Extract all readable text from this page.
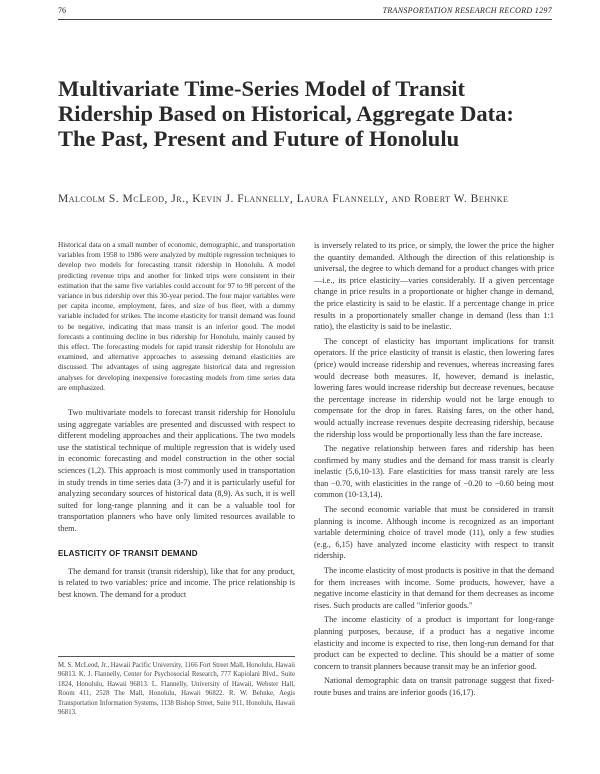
76	TRANSPORTATION RESEARCH RECORD 1297
Multivariate Time-Series Model of Transit Ridership Based on Historical, Aggregate Data: The Past, Present and Future of Honolulu

Malcolm S. McLeod, Jr., Kevin J. Flannelly, Laura Flannelly, and Robert W. Behnke

Historical data on a small number of economic, demographic, and transportation variables from 1958 to 1986 were analyzed by multiple regression techniques to develop two models for forecasting transit ridership in Honolulu. A model predicting revenue trips and another for linked trips were consistent in their estimation that the same five variables could account for 97 to 98 percent of the variance in bus ridership over this 30-year period. The four major variables were per capita income, employment, fares, and size of bus fleet, with a dummy variable included for strikes. The income elasticity for transit demand was found to be negative, indicating that mass transit is an inferior good. The model forecasts a continuing decline in bus ridership for Honolulu, mainly caused by this effect. The forecasting models for rapid transit ridership for Honolulu are examined, and alternative approaches to assessing demand elasticities are discussed. The advantages of using aggregate historical data and regression analyses for developing inexpensive forecasting models from time series data are emphasized.

Two multivariate models to forecast transit ridership for Honolulu using aggregate variables are presented and discussed with respect to different modeling approaches and their applications. The two models use the statistical technique of multiple regression that is widely used in economic forecasting and model construction in the other social sciences (1,2). This approach is most commonly used in transportation in study trends in time series data (3-7) and it is particularly useful for analyzing secondary sources of historical data (8,9). As such, it is well suited for long-range planning and it can be a valuable tool for transportation planners who have only limited resources available to them.

ELASTICITY OF TRANSIT DEMAND

The demand for transit (transit ridership), like that for any product, is related to two variables: price and income. The price relationship is best known. The demand for a product

is inversely related to its price, or simply, the lower the price the higher the quantity demanded. Although the direction of this relationship is universal, the degree to which demand for a product changes with price—i.e., its price elasticity—varies considerably. If a given percentage change in price results in a proportionate or higher change in demand, the price elasticity is said to be elastic. If a percentage change in price results in a proportionately smaller change in demand (less than 1:1 ratio), the elasticity is said to be inelastic.

The concept of elasticity has important implications for transit operators. If the price elasticity of transit is elastic, then lowering fares (price) would increase ridership and revenues, whereas increasing fares would decrease both measures. If, however, demand is inelastic, lowering fares would increase ridership but decrease revenues, because the percentage increase in ridership would not be large enough to compensate for the drop in fares. Raising fares, on the other hand, would actually increase revenues despite decreasing ridership, because the ridership loss would be proportionally less than the fare increase.

The negative relationship between fares and ridership has been confirmed by many studies and the demand for mass transit is clearly inelastic (5,6,10-13). Fare elasticities for mass transit rarely are less than −0.70, with elasticities in the range of −0.20 to −0.60 being most common (10-13,14).

The second economic variable that must be considered in transit planning is income. Although income is recognized as an important variable determining choice of travel mode (11), only a few studies (e.g., 6,15) have analyzed income elasticity with respect to transit ridership.

The income elasticity of most products is positive in that the demand for them increases with income. Some products, however, have a negative income elasticity in that demand for them decreases as income rises. Such products are called "inferior goods."

The income elasticity of a product is important for long-range planning purposes, because, if a product has a negative income elasticity and income is expected to rise, then long-run demand for that product can be expected to decline. This should be a matter of some concern to transit planners because transit may be an inferior good.

National demographic data on transit patronage suggest that fixed-route buses and trains are inferior goods (16,17).

M. S. McLeod, Jr., Hawaii Pacific University, 1166 Fort Street Mall, Honolulu, Hawaii 96813. K. J. Flannelly, Center for Psychosocial Research, 777 Kapiolani Blvd., Suite 1824, Honolulu, Hawaii 96813. L. Flannelly, University of Hawaii, Webster Hall, Room 411, 2528 The Mall, Honolulu, Hawaii 96822. R. W. Behnke, Aegis Transportation Information Systems, 1138 Bishop Street, Suite 911, Honolulu, Hawaii 96813.
